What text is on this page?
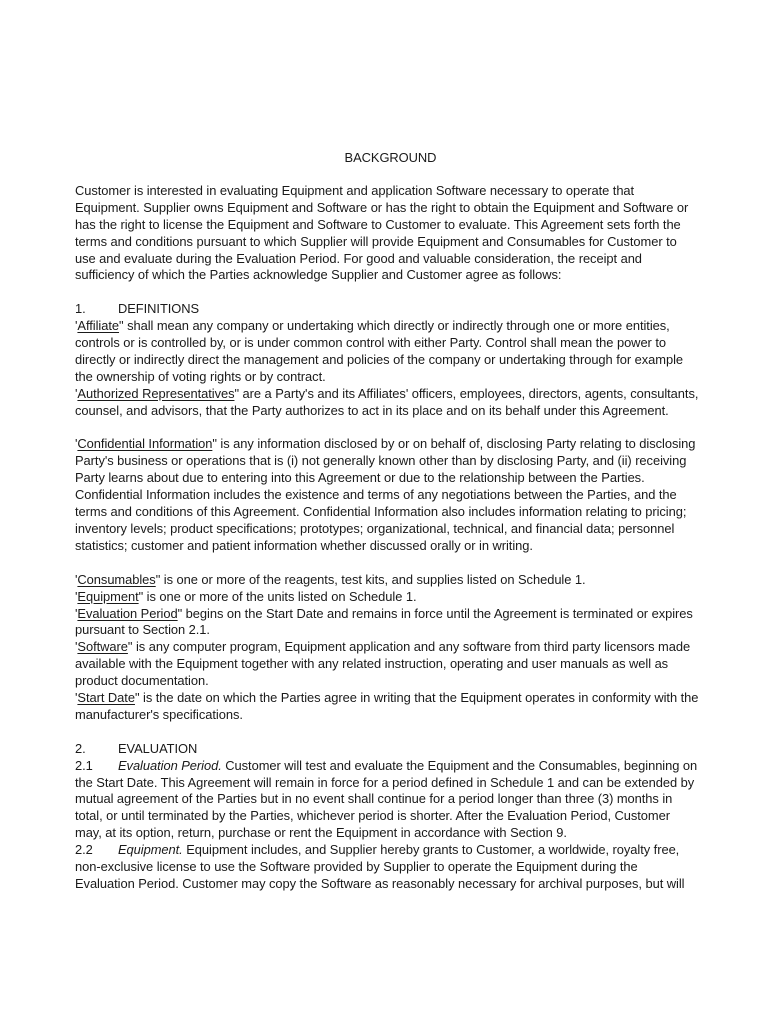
BACKGROUND

Customer is interested in evaluating Equipment and application Software necessary to operate that Equipment. Supplier owns Equipment and Software or has the right to obtain the Equipment and Software or has the right to license the Equipment and Software to Customer to evaluate. This Agreement sets forth the terms and conditions pursuant to which Supplier will provide Equipment and Consumables for Customer to use and evaluate during the Evaluation Period. For good and valuable consideration, the receipt and sufficiency of which the Parties acknowledge Supplier and Customer agree as follows:

1.	DEFINITIONS

'Affiliate" shall mean any company or undertaking which directly or indirectly through one or more entities, controls or is controlled by, or is under common control with either Party. Control shall mean the power to directly or indirectly direct the management and policies of the company or undertaking through for example the ownership of voting rights or by contract.

'Authorized Representatives" are a Party's and its Affiliates' officers, employees, directors, agents, consultants, counsel, and advisors, that the Party authorizes to act in its place and on its behalf under this Agreement.

'Confidential Information" is any information disclosed by or on behalf of, disclosing Party relating to disclosing Party's business or operations that is (i) not generally known other than by disclosing Party, and (ii) receiving Party learns about due to entering into this Agreement or due to the relationship between the Parties. Confidential Information includes the existence and terms of any negotiations between the Parties, and the terms and conditions of this Agreement. Confidential Information also includes information relating to pricing; inventory levels; product specifications; prototypes; organizational, technical, and financial data; personnel statistics; customer and patient information whether discussed orally or in writing.

'Consumables" is one or more of the reagents, test kits, and supplies listed on Schedule 1.

'Equipment" is one or more of the units listed on Schedule 1.

'Evaluation Period" begins on the Start Date and remains in force until the Agreement is terminated or expires pursuant to Section 2.1.

'Software" is any computer program, Equipment application and any software from third party licensors made available with the Equipment together with any related instruction, operating and user manuals as well as product documentation.

'Start Date" is the date on which the Parties agree in writing that the Equipment operates in conformity with the manufacturer's specifications.

2.	EVALUATION

2.1 Evaluation Period. Customer will test and evaluate the Equipment and the Consumables, beginning on the Start Date. This Agreement will remain in force for a period defined in Schedule 1 and can be extended by mutual agreement of the Parties but in no event shall continue for a period longer than three (3) months in total, or until terminated by the Parties, whichever period is shorter. After the Evaluation Period, Customer may, at its option, return, purchase or rent the Equipment in accordance with Section 9.

2.2 Equipment. Equipment includes, and Supplier hereby grants to Customer, a worldwide, royalty free, non-exclusive license to use the Software provided by Supplier to operate the Equipment during the Evaluation Period. Customer may copy the Software as reasonably necessary for archival purposes, but will
